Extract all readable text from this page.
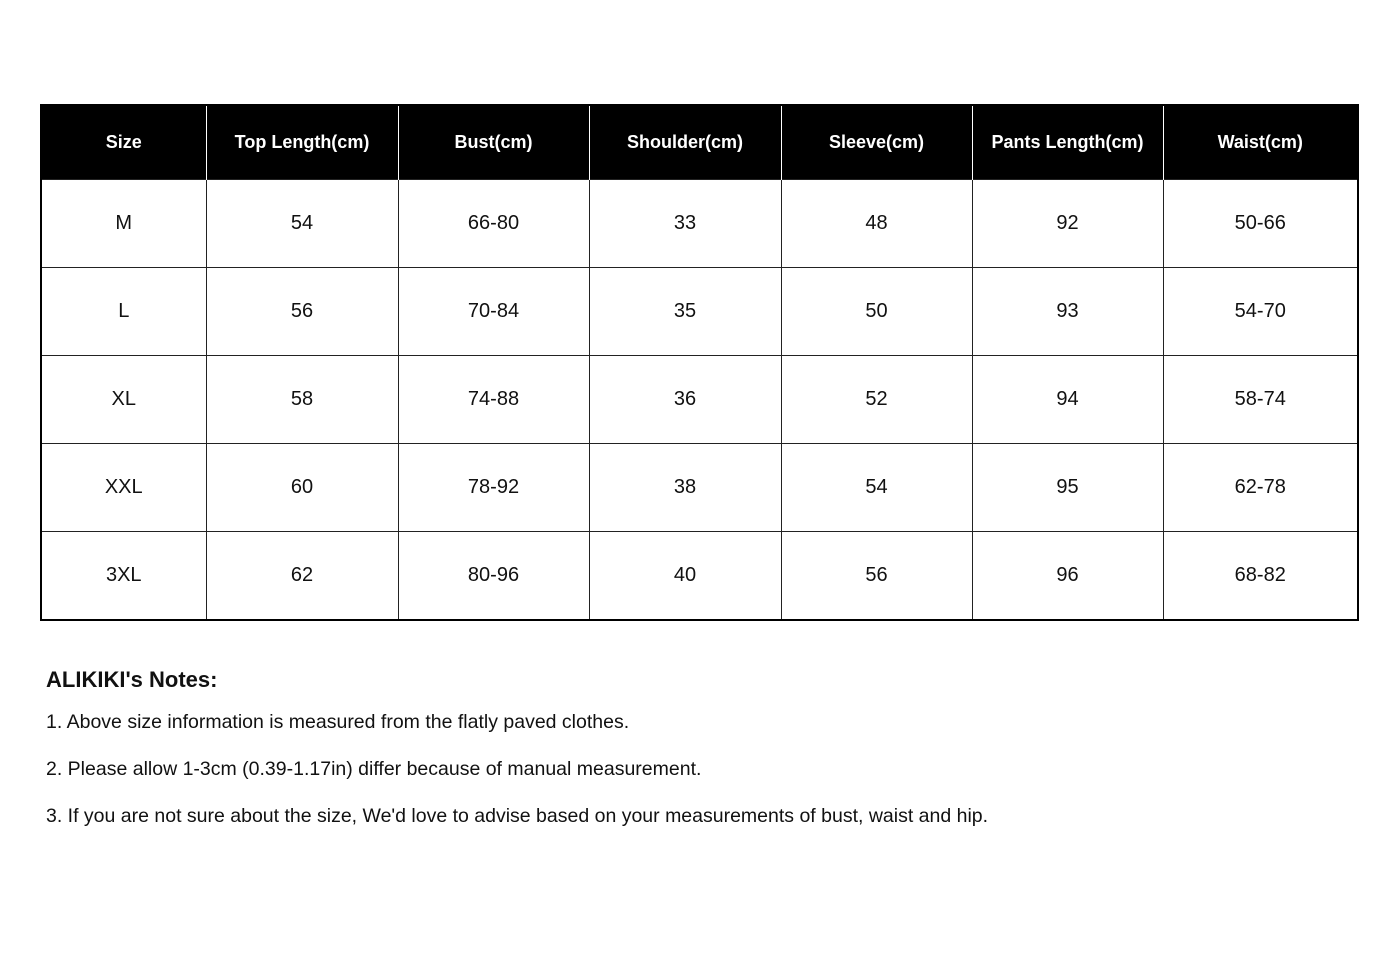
Size	Top Length(cm)	Bust(cm)	Shoulder(cm)	Sleeve(cm)	Pants Length(cm)	Waist(cm)
M	54	66-80	33	48	92	50-66
L	56	70-84	35	50	93	54-70
XL	58	74-88	36	52	94	58-74
XXL	60	78-92	38	54	95	62-78
3XL	62	80-96	40	56	96	68-82
ALIKIKI's Notes:
1. Above size information is measured from the flatly paved clothes.
2. Please allow 1-3cm (0.39-1.17in) differ because of manual measurement.
3. If you are not sure about the size, We'd love to advise based on your measurements of bust, waist and hip.
